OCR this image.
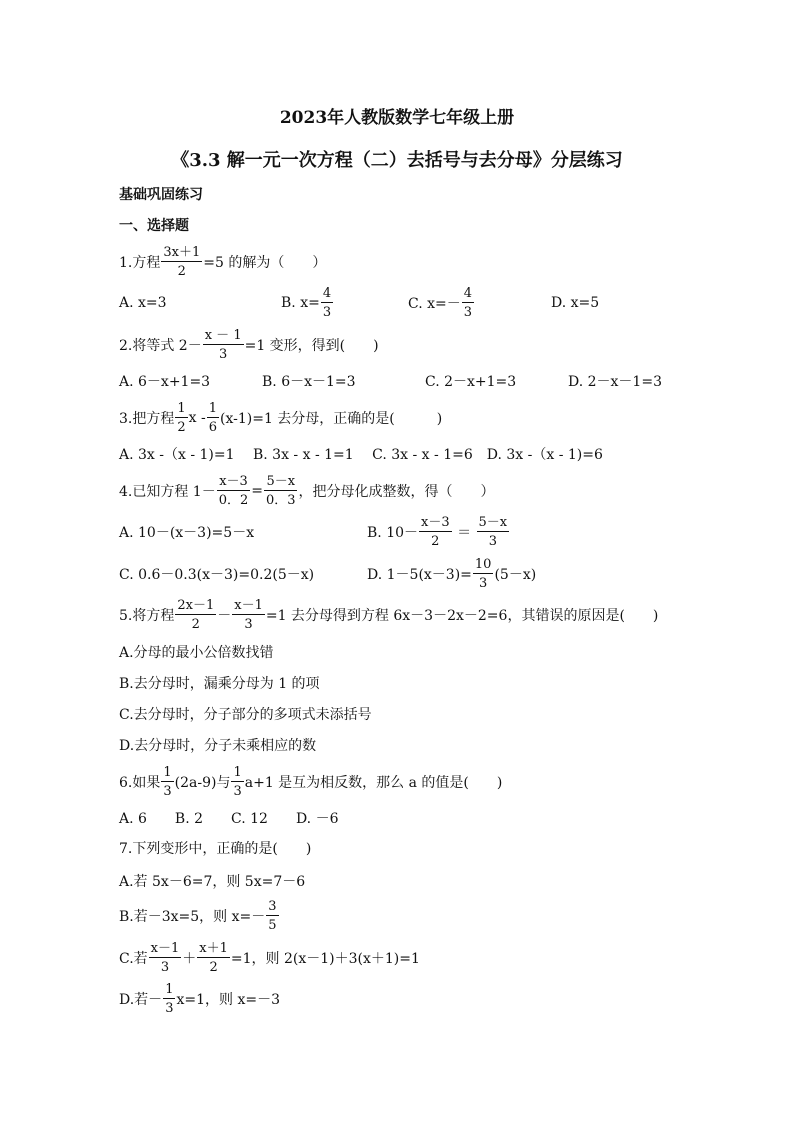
2023年人教版数学七年级上册
《3.3 解一元一次方程（二）去括号与去分母》分层练习
基础巩固练习
一、选择题
1.方程 $\frac{3x+1}{2} =5$ 的解为（　　）
A. x=3	B. $x= \frac{4}{3}$	C. $x=- \frac{4}{3}$	D. x=5
2.将等式 $2- \frac{x - 1}{3} =1$ 变形，得到(　　)
A. 6－x+1=3	B. 6－x－1=3	C. 2－x+1=3	D. 2－x－1=3
3.把方程 $\frac{1}{2}$ $x - \frac{1}{6} (x-1)=1$ 去分母，正确的是(　　　)
A. 3x -（x - 1)=1　 B. 3x - x - 1=1　 C. 3x - x - 1=6　D. 3x -（x - 1)=6
4.已知方程 $1- \frac{x-3}{0.2} = \frac{5-x}{0.3}$ ，把分母化成整数，得（　　）
A. 10－(x－3)=5－x	B. $10- \frac{x-3}{2} = \frac{5-x}{3}$
C. 0.6－0.3(x－3)=0.2(5－x)	D. $1-5(x-3)= \frac{10}{3} (5-x)$
5.将方程 $\frac{2x-1}{2} - \frac{x-1}{3} =1$ 去分母得到方程 6x－3－2x－2=6，其错误的原因是(　　)
A.分母的最小公倍数找错
B.去分母时，漏乘分母为 1 的项
C.去分母时，分子部分的多项式未添括号
D.去分母时，分子未乘相应的数
6.如果 $\frac{1}{3} (2a-9)$与 $\frac{1}{3} a+1$ 是互为相反数，那么 a 的值是(　　)
A. 6　　B. 2　　C. 12　　D. －6
7.下列变形中，正确的是(　　)
A.若 5x－6=7，则 5x=7－6
B.若－3x=5，则 $x=- \frac{3}{5}$
C.若 $\frac{x-1}{3} + \frac{x+1}{2} =1$，则 2(x－1)＋3(x＋1)=1
D.若－ $\frac{1}{3} x=1$，则 x=－3
